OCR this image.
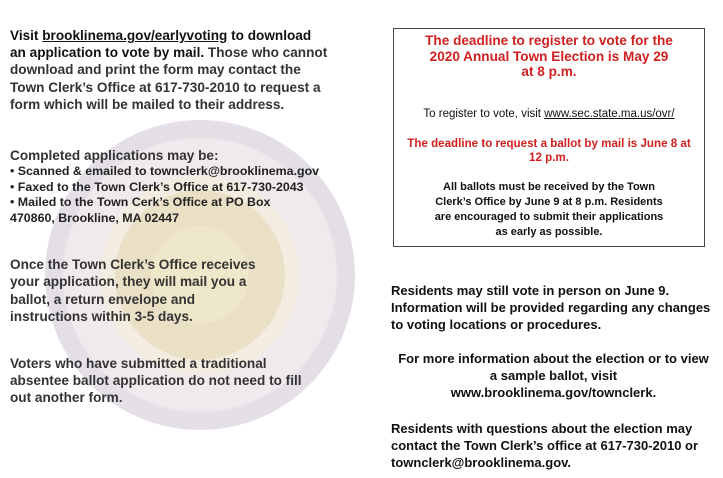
Visit brooklinema.gov/earlyvoting to download an application to vote by mail. Those who cannot download and print the form may contact the Town Clerk’s Office at 617-730-2010 to request a form which will be mailed to their address.

Completed applications may be:

• Scanned & emailed to townclerk@brooklinema.gov
• Faxed to the Town Clerk’s Office at 617-730-2043
• Mailed to the Town Cerk’s Office at PO Box 470860, Brookline, MA 02447

Once the Town Clerk’s Office receives your application, they will mail you a ballot, a return envelope and instructions within 3-5 days.

Voters who have submitted a traditional absentee ballot application do not need to fill out another form.

The deadline to register to vote for the 2020 Annual Town Election is May 29 at 8 p.m.
To register to vote, visit www.sec.state.ma.us/ovr/
The deadline to request a ballot by mail is June 8 at 12 p.m.
All ballots must be received by the Town Clerk’s Office by June 9 at 8 p.m. Residents are encouraged to submit their applications as early as possible.
Residents may still vote in person on June 9. Information will be provided regarding any changes to voting locations or procedures.
For more information about the election or to view a sample ballot, visit www.brooklinema.gov/townclerk.
Residents with questions about the election may contact the Town Clerk’s office at 617-730-2010 or townclerk@brooklinema.gov.
